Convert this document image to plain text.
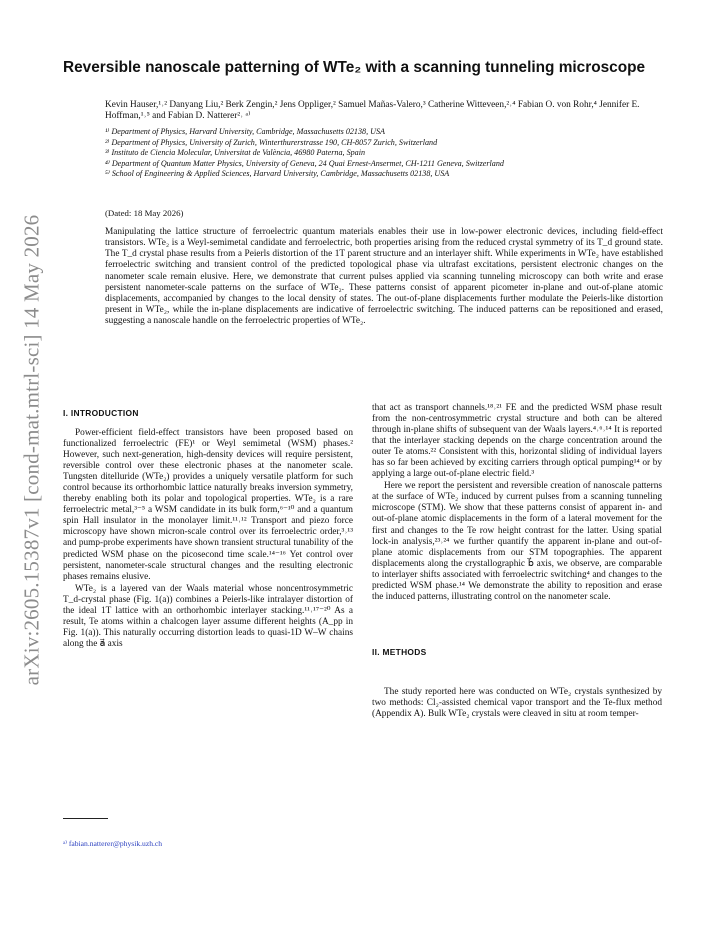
arXiv:2605.15387v1 [cond-mat.mtrl-sci] 14 May 2026
Reversible nanoscale patterning of WTe₂ with a scanning tunneling microscope

Kevin Hauser,¹˒² Danyang Liu,² Berk Zengin,² Jens Oppliger,² Samuel Mañas-Valero,³ Catherine Witteveen,²˒⁴ Fabian O. von Rohr,⁴ Jennifer E. Hoffman,¹˒⁵ and Fabian D. Natterer²˒ ᵃ⁾

¹⁾ Department of Physics, Harvard University, Cambridge, Massachusetts 02138, USA
²⁾ Department of Physics, University of Zurich, Winterthurerstrasse 190, CH-8057 Zurich, Switzerland
³⁾ Instituto de Ciencia Molecular, Universitat de València, 46980 Paterna, Spain
⁴⁾ Department of Quantum Matter Physics, University of Geneva, 24 Quai Ernest-Ansermet, CH-1211 Geneva, Switzerland
⁵⁾ School of Engineering & Applied Sciences, Harvard University, Cambridge, Massachusetts 02138, USA

(Dated: 18 May 2026)

Manipulating the lattice structure of ferroelectric quantum materials enables their use in low-power electronic devices, including field-effect transistors. WTe₂ is a Weyl-semimetal candidate and ferroelectric, both properties arising from the reduced crystal symmetry of its T_d ground state. The T_d crystal phase results from a Peierls distortion of the 1T parent structure and an interlayer shift. While experiments in WTe₂ have established ferroelectric switching and transient control of the predicted topological phase via ultrafast excitations, persistent electronic changes on the nanometer scale remain elusive. Here, we demonstrate that current pulses applied via scanning tunneling microscopy can both write and erase persistent nanometer-scale patterns on the surface of WTe₂. These patterns consist of apparent picometer in-plane and out-of-plane atomic displacements, accompanied by changes to the local density of states. The out-of-plane displacements further modulate the Peierls-like distortion present in WTe₂, while the in-plane displacements are indicative of ferroelectric switching. The induced patterns can be repositioned and erased, suggesting a nanoscale handle on the ferroelectric properties of WTe₂.

I. INTRODUCTION

Power-efficient field-effect transistors have been proposed based on functionalized ferroelectric (FE)¹ or Weyl semimetal (WSM) phases.² However, such next-generation, high-density devices will require persistent, reversible control over these electronic phases at the nanometer scale. Tungsten ditelluride (WTe₂) provides a uniquely versatile platform for such control because its orthorhombic lattice naturally breaks inversion symmetry, thereby enabling both its polar and topological properties. WTe₂ is a rare ferroelectric metal,³⁻⁵ a WSM candidate in its bulk form,⁶⁻¹⁰ and a quantum spin Hall insulator in the monolayer limit.¹¹˒¹² Transport and piezo force microscopy have shown micron-scale control over its ferroelectric order,³˒¹³ and pump-probe experiments have shown transient structural tunability of the predicted WSM phase on the picosecond time scale.¹⁴⁻¹⁶ Yet control over persistent, nanometer-scale structural changes and the resulting electronic phases remains elusive.

WTe₂ is a layered van der Waals material whose noncentrosymmetric T_d-crystal phase (Fig. 1(a)) combines a Peierls-like intralayer distortion of the ideal 1T lattice with an orthorhombic interlayer stacking.¹¹˒¹⁷⁻²⁰ As a result, Te atoms within a chalcogen layer assume different heights (A_pp in Fig. 1(a)). This naturally occurring distortion leads to quasi-1D W–W chains along the a⃗ axis

that act as transport channels.¹⁸˒²¹ FE and the predicted WSM phase result from the non-centrosymmetric crystal structure and both can be altered through in-plane shifts of subsequent van der Waals layers.⁴˒⁶˒¹⁴ It is reported that the interlayer stacking depends on the charge concentration around the outer Te atoms.²² Consistent with this, horizontal sliding of individual layers has so far been achieved by exciting carriers through optical pumping¹⁴ or by applying a large out-of-plane electric field.³

Here we report the persistent and reversible creation of nanoscale patterns at the surface of WTe₂ induced by current pulses from a scanning tunneling microscope (STM). We show that these patterns consist of apparent in- and out-of-plane atomic displacements in the form of a lateral movement for the first and changes to the Te row height contrast for the latter. Using spatial lock-in analysis,²³˒²⁴ we further quantify the apparent in-plane and out-of-plane atomic displacements from our STM topographies. The apparent displacements along the crystallographic b⃗ axis, we observe, are comparable to interlayer shifts associated with ferroelectric switching⁴ and changes to the predicted WSM phase.¹⁴ We demonstrate the ability to reposition and erase the induced patterns, illustrating control on the nanometer scale.

II. METHODS

The study reported here was conducted on WTe₂ crystals synthesized by two methods: Cl₂-assisted chemical vapor transport and the Te-flux method (Appendix A). Bulk WTe₂ crystals were cleaved in situ at room temper-

ᵃ⁾ fabian.natterer@physik.uzh.ch
